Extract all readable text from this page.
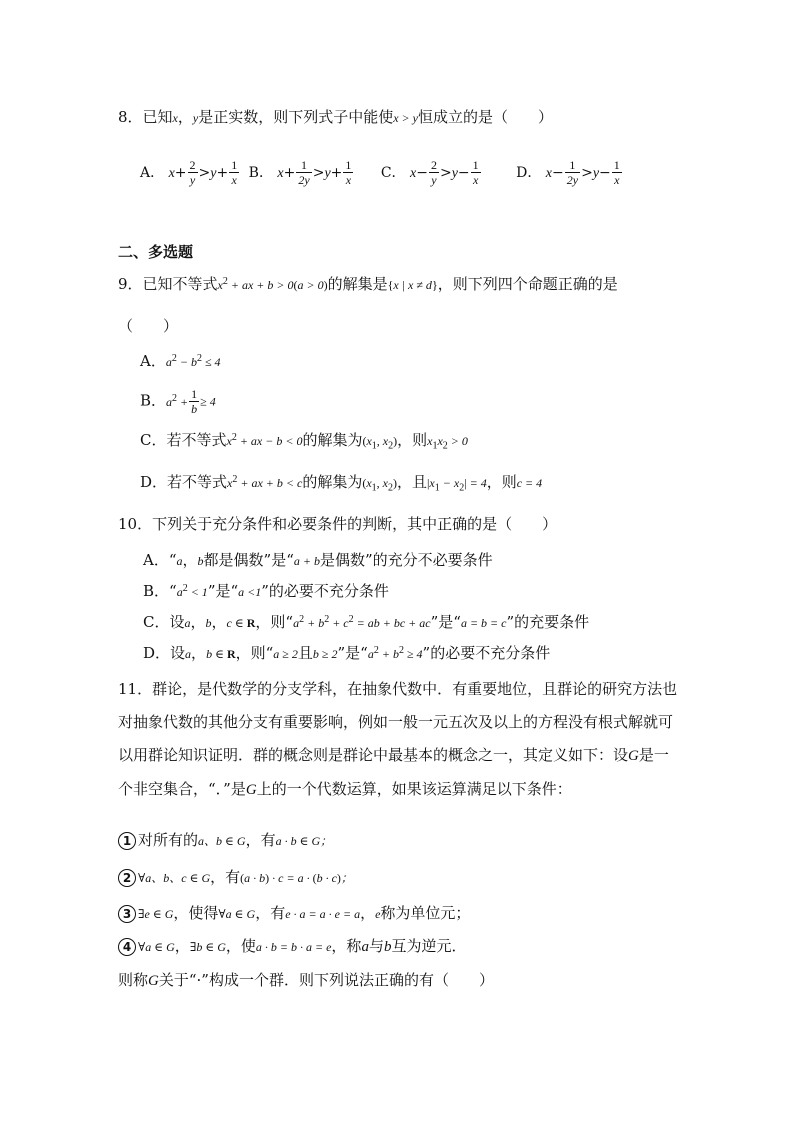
8．已知x，y是正实数，则下列式子中能使x > y恒成立的是（　　）
A． $x+ \frac{2}{y} >y+ \frac{1}{x}$ B． $x+ \frac{1}{2y} >y+ \frac{1}{x}$ C． $x- \frac{2}{y} >y- \frac{1}{x}$	D． $x- \frac{1}{2y} >y- \frac{1}{x}$
二、多选题
9．已知不等式$x^2$ + ax + b > 0(a > 0)的解集是{x | x ≠ d}，则下列四个命题正确的是
（　　）
A．$a^2 - b^2 \le 4$
B．$a^2 + \frac{1}{b} \ge 4$
C．若不等式$x^2$ + ax − b < 0的解集为($x_1$, $x_2$)，则$x_1x_2 > 0$
D．若不等式$x^2$ + ax + b < c的解集为($x_1$, $x_2$)，且$|x_1 - x_2| = 4$，则c = 4
10．下列关于充分条件和必要条件的判断，其中正确的是（　　）
A．“a，b都是偶数”是“a + b是偶数”的充分不必要条件
B．“$a^2 < 1$”是“a <1”的必要不充分条件
C．设a，b，c ∈ R，则“$a^2 + b^2 + c^2$ = ab + bc + ac”是“a = b = c”的充要条件
D．设a，b ∈ R，则“a ≥ 2且b ≥ 2”是“$a^2 + b^2 \ge 4$”的必要不充分条件
11．群论，是代数学的分支学科，在抽象代数中．有重要地位，且群论的研究方法也对抽象代数的其他分支有重要影响，例如一般一元五次及以上的方程没有根式解就可以用群论知识证明．群的概念则是群论中最基本的概念之一，其定义如下：设G是一个非空集合，“．”是G上的一个代数运算，如果该运算满足以下条件：
1 对所有的a、b ∈ G，有a · b ∈ G；
2 ∀a、b、c ∈ G，有(a · b) · c = a · (b · c)；
3 ∃e ∈ G，使得∀a ∈ G，有e · a = a · e = a，e称为单位元；
4 ∀a ∈ G，∃b ∈ G，使a · b = b · a = e，称a与b互为逆元．
则称G关于“·”构成一个群．则下列说法正确的有（　　）
